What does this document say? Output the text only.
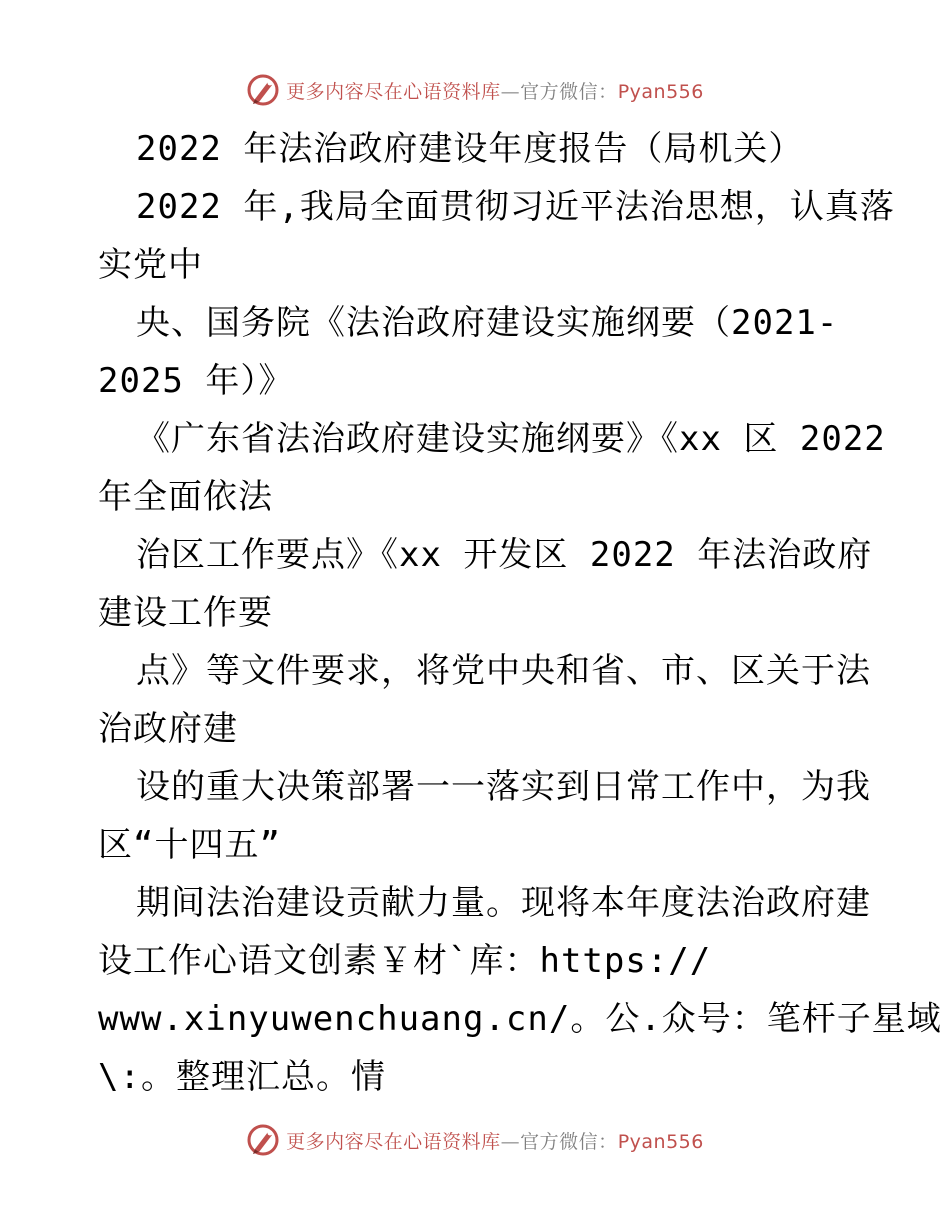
更多内容尽在心语资料库—官方微信：Pyan556
2022 年法治政府建设年度报告（局机关）
2022 年,我局全面贯彻习近平法治思想，认真落
实党中
央、国务院《法治政府建设实施纲要（2021-
2025 年）》
《广东省法治政府建设实施纲要》《xx 区 2022
年全面依法
治区工作要点》《xx 开发区 2022 年法治政府
建设工作要
点》等文件要求，将党中央和省、市、区关于法
治政府建
设的重大决策部署一一落实到日常工作中，为我
区“十四五”
期间法治建设贡献力量。现将本年度法治政府建
设工作心语文创素￥材`库：https://
www.xinyuwenchuang.cn/。公.众号：笔杆子星域
\:。整理汇总。情
更多内容尽在心语资料库—官方微信：Pyan556
